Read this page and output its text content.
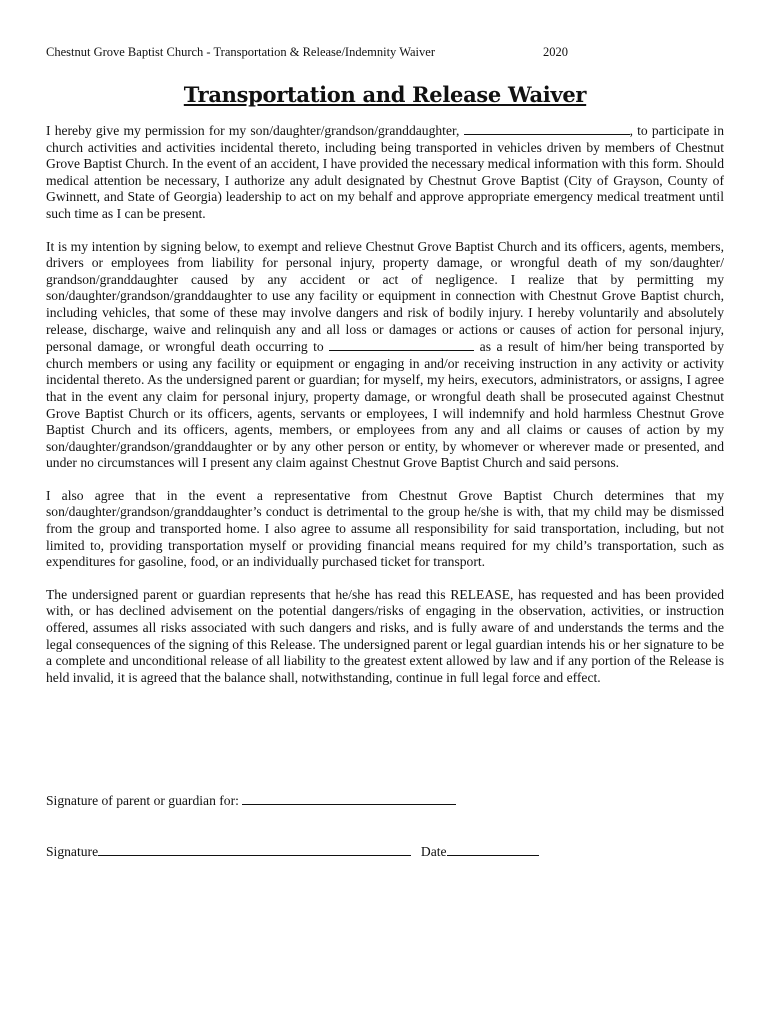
Chestnut Grove Baptist Church - Transportation & Release/Indemnity Waiver	2020
Transportation and Release Waiver

I hereby give my permission for my son/daughter/grandson/granddaughter,	, to participate in church activities and activities incidental thereto, including being transported in vehicles driven by members of Chestnut Grove Baptist Church. In the event of an accident, I have provided the necessary medical information with this form. Should medical attention be necessary, I authorize any adult designated by Chestnut Grove Baptist (City of Grayson, County of Gwinnett, and State of Georgia) leadership to act on my behalf and approve appropriate emergency medical treatment until such time as I can be present.

It is my intention by signing below, to exempt and relieve Chestnut Grove Baptist Church and its officers, agents, members, drivers or employees from liability for personal injury, property damage, or wrongful death of my son/daughter/ grandson/granddaughter caused by any accident or act of negligence. I realize that by permitting my son/daughter/grandson/granddaughter to use any facility or equipment in connection with Chestnut Grove Baptist church, including vehicles, that some of these may involve dangers and risk of bodily injury. I hereby voluntarily and absolutely release, discharge, waive and relinquish any and all loss or damages or actions or causes of action for personal injury, personal damage, or wrongful death occurring to	as a result of him/her being transported by church members or using any facility or equipment or engaging in and/or receiving instruction in any activity or activity incidental thereto. As the undersigned parent or guardian; for myself, my heirs, executors, administrators, or assigns, I agree that in the event any claim for personal injury, property damage, or wrongful death shall be prosecuted against Chestnut Grove Baptist Church or its officers, agents, servants or employees, I will indemnify and hold harmless Chestnut Grove Baptist Church and its officers, agents, members, or employees from any and all claims or causes of action by my son/daughter/grandson/granddaughter or by any other person or entity, by whomever or wherever made or presented, and under no circumstances will I present any claim against Chestnut Grove Baptist Church and said persons.

I also agree that in the event a representative from Chestnut Grove Baptist Church determines that my son/daughter/grandson/granddaughter’s conduct is detrimental to the group he/she is with, that my child may be dismissed from the group and transported home. I also agree to assume all responsibility for said transportation, including, but not limited to, providing transportation myself or providing financial means required for my child’s transportation, such as expenditures for gasoline, food, or an individually purchased ticket for transport.

The undersigned parent or guardian represents that he/she has read this RELEASE, has requested and has been provided with, or has declined advisement on the potential dangers/risks of engaging in the observation, activities, or instruction offered, assumes all risks associated with such dangers and risks, and is fully aware of and understands the terms and the legal consequences of the signing of this Release. The undersigned parent or legal guardian intends his or her signature to be a complete and unconditional release of all liability to the greatest extent allowed by law and if any portion of the Release is held invalid, it is agreed that the balance shall, notwithstanding, continue in full legal force and effect.

Signature of parent or guardian for:
Signature	Date
